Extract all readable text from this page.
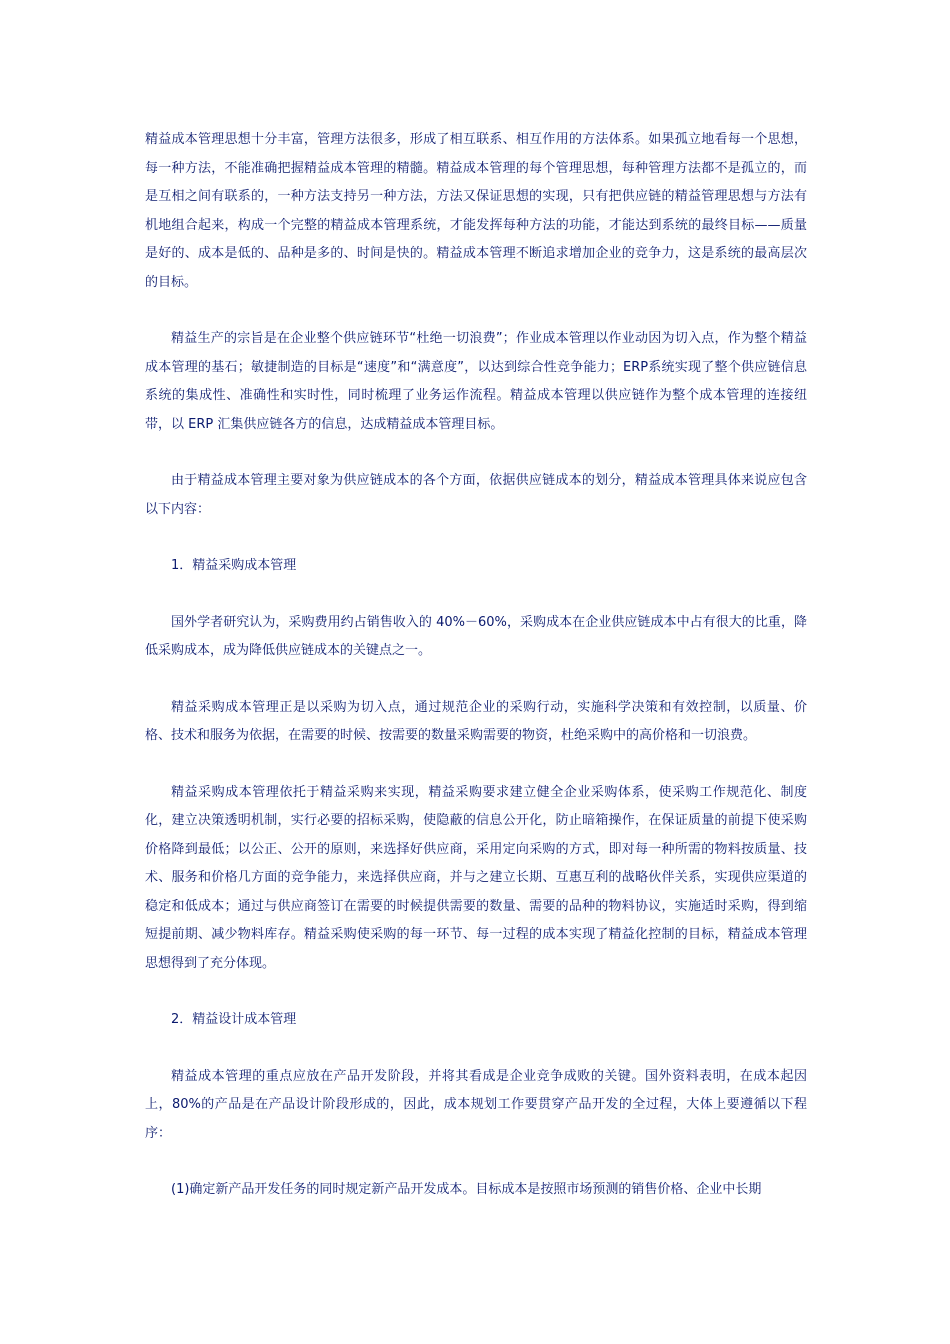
精益成本管理思想十分丰富，管理方法很多，形成了相互联系、相互作用的方法体系。如果孤立地看每一个思想，每一种方法，不能准确把握精益成本管理的精髓。精益成本管理的每个管理思想，每种管理方法都不是孤立的，而是互相之间有联系的，一种方法支持另一种方法，方法又保证思想的实现，只有把供应链的精益管理思想与方法有机地组合起来，构成一个完整的精益成本管理系统，才能发挥每种方法的功能，才能达到系统的最终目标——质量是好的、成本是低的、品种是多的、时间是快的。精益成本管理不断追求增加企业的竞争力，这是系统的最高层次的目标。

精益生产的宗旨是在企业整个供应链环节“杜绝一切浪费”；作业成本管理以作业动因为切入点，作为整个精益成本管理的基石；敏捷制造的目标是“速度”和“满意度”，以达到综合性竞争能力；ERP系统实现了整个供应链信息系统的集成性、准确性和实时性，同时梳理了业务运作流程。精益成本管理以供应链作为整个成本管理的连接纽带，以 ERP 汇集供应链各方的信息，达成精益成本管理目标。

由于精益成本管理主要对象为供应链成本的各个方面，依据供应链成本的划分，精益成本管理具体来说应包含以下内容：

1．精益采购成本管理

国外学者研究认为，采购费用约占销售收入的 40%－60%，采购成本在企业供应链成本中占有很大的比重，降低采购成本，成为降低供应链成本的关键点之一。

精益采购成本管理正是以采购为切入点，通过规范企业的采购行动，实施科学决策和有效控制，以质量、价格、技术和服务为依据，在需要的时候、按需要的数量采购需要的物资，杜绝采购中的高价格和一切浪费。

精益采购成本管理依托于精益采购来实现，精益采购要求建立健全企业采购体系，使采购工作规范化、制度化，建立决策透明机制，实行必要的招标采购，使隐蔽的信息公开化，防止暗箱操作，在保证质量的前提下使采购价格降到最低；以公正、公开的原则，来选择好供应商，采用定向采购的方式，即对每一种所需的物料按质量、技术、服务和价格几方面的竞争能力，来选择供应商，并与之建立长期、互惠互利的战略伙伴关系，实现供应渠道的稳定和低成本；通过与供应商签订在需要的时候提供需要的数量、需要的品种的物料协议，实施适时采购，得到缩短提前期、减少物料库存。精益采购使采购的每一环节、每一过程的成本实现了精益化控制的目标，精益成本管理思想得到了充分体现。

2．精益设计成本管理

精益成本管理的重点应放在产品开发阶段，并将其看成是企业竞争成败的关键。国外资料表明，在成本起因上，80%的产品是在产品设计阶段形成的，因此，成本规划工作要贯穿产品开发的全过程，大体上要遵循以下程序：

(1)确定新产品开发任务的同时规定新产品开发成本。目标成本是按照市场预测的销售价格、企业中长期
